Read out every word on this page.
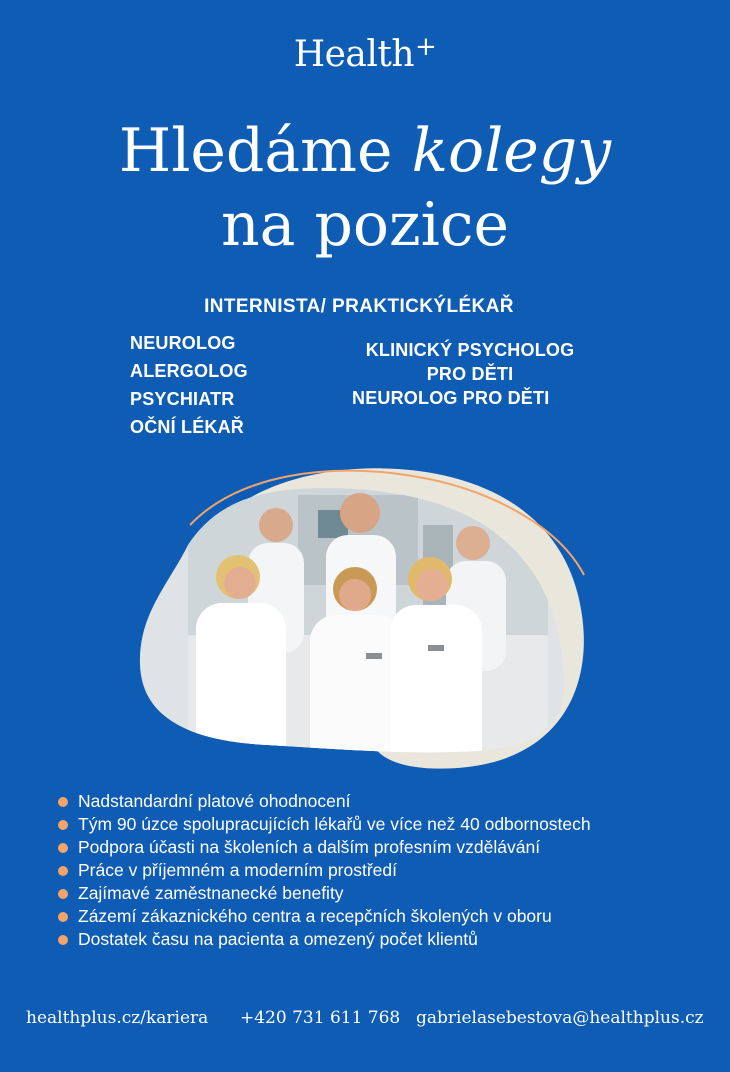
Health+
Hledáme kolegy
na pozice
INTERNISTA/ PRAKTICKÝLÉKAŘ
NEUROLOG
ALERGOLOG
PSYCHIATR
OČNÍ LÉKAŘ
KLINICKÝ PSYCHOLOG
PRO DĚTI
NEUROLOG PRO DĚTI
Nadstandardní platové ohodnocení
Tým 90 úzce spolupracujících lékařů ve více než 40 odbornostech
Podpora účasti na školeních a dalším profesním vzdělávání
Práce v příjemném a moderním prostředí
Zajímavé zaměstnanecké benefity
Zázemí zákaznického centra a recepčních školených v oboru
Dostatek času na pacienta a omezený počet klientů
healthplus.cz/kariera +420 731 611 768 gabrielasebestova@healthplus.cz
